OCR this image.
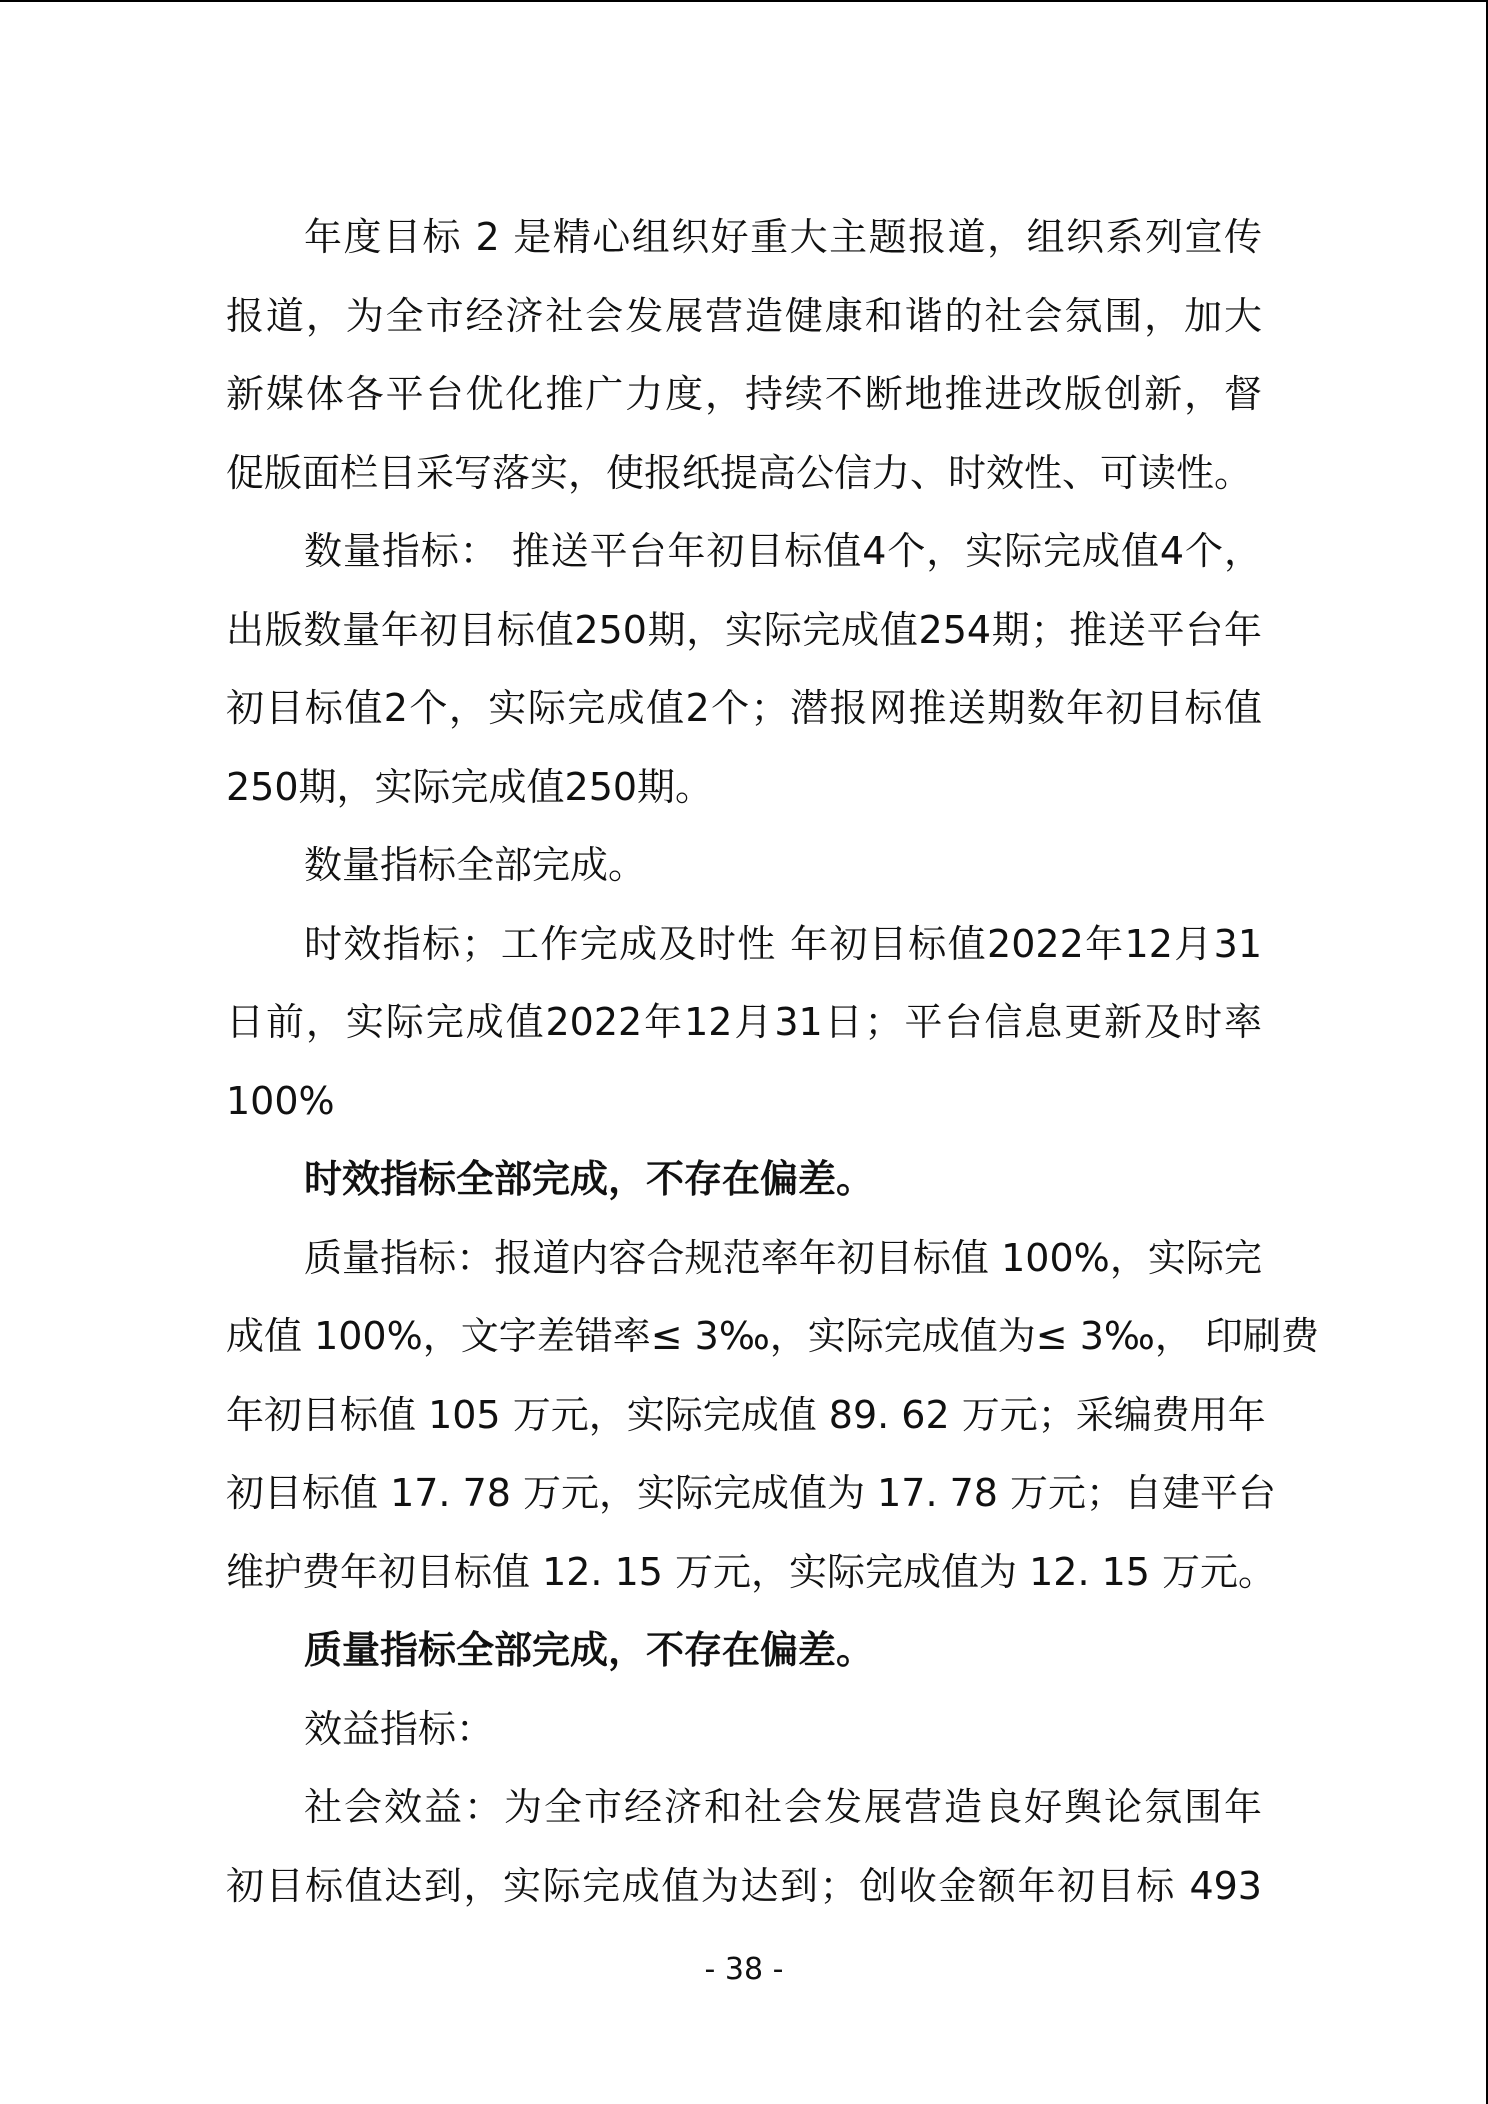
年度目标 2 是精心组织好重大主题报道，组织系列宣传
报道，为全市经济社会发展营造健康和谐的社会氛围，加大
新媒体各平台优化推广力度，持续不断地推进改版创新，督
促版面栏目采写落实，使报纸提高公信力、时效性、可读性。
数量指标： 推送平台年初目标值4个，实际完成值4个，
出版数量年初目标值250期，实际完成值254期；推送平台年
初目标值2个，实际完成值2个；潜报网推送期数年初目标值
250期，实际完成值250期。
数量指标全部完成。
时效指标；工作完成及时性 年初目标值2022年12月31
日前，实际完成值2022年12月31日；平台信息更新及时率
100%
时效指标全部完成，不存在偏差。
质量指标：报道内容合规范率年初目标值 100%，实际完
成值 100%，文字差错率≤ 3‰，实际完成值为≤ 3‰， 印刷费
年初目标值 105 万元，实际完成值 89. 62 万元；采编费用年
初目标值 17. 78 万元，实际完成值为 17. 78 万元；自建平台
维护费年初目标值 12. 15 万元，实际完成值为 12. 15 万元。
质量指标全部完成，不存在偏差。
效益指标：
社会效益：为全市经济和社会发展营造良好舆论氛围年
初目标值达到，实际完成值为达到；创收金额年初目标 493
- 38 -
